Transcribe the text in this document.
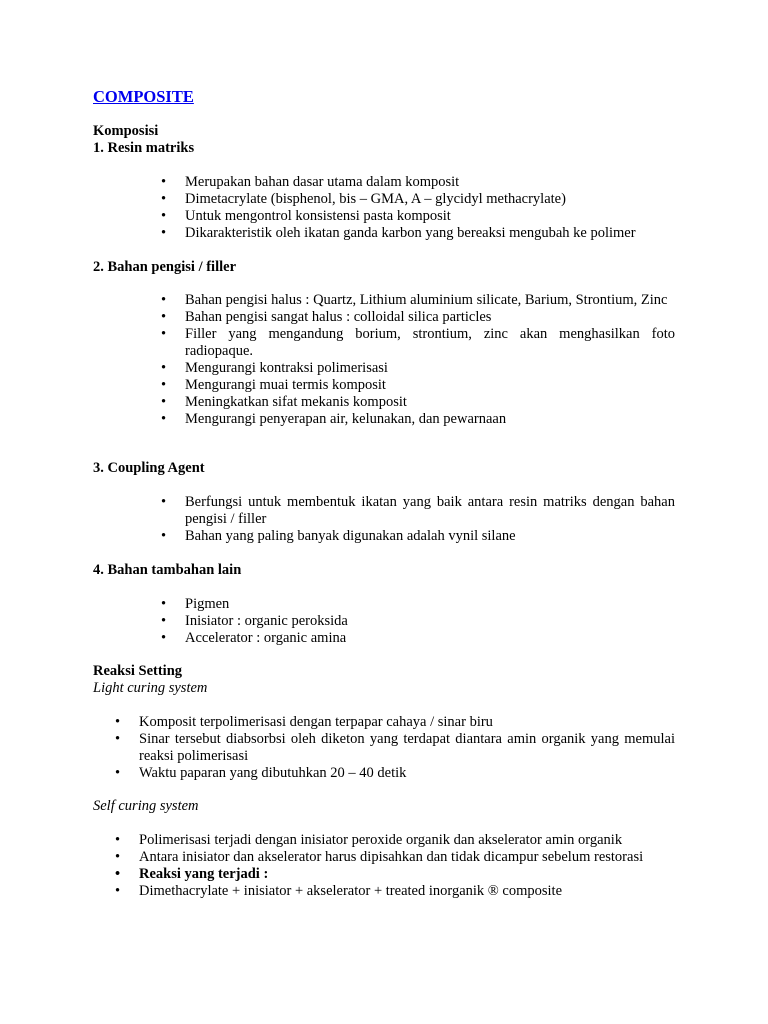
COMPOSITE
Komposisi
1. Resin matriks
• Merupakan bahan dasar utama dalam komposit
• Dimetacrylate (bisphenol, bis – GMA, A – glycidyl methacrylate)
• Untuk mengontrol konsistensi pasta komposit
• Dikarakteristik oleh ikatan ganda karbon yang bereaksi mengubah ke polimer
2. Bahan pengisi / filler
• Bahan pengisi halus : Quartz, Lithium aluminium silicate, Barium, Strontium, Zinc
• Bahan pengisi sangat halus : colloidal silica particles
• Filler yang mengandung borium, strontium, zinc akan menghasilkan foto radiopaque.
• Mengurangi kontraksi polimerisasi
• Mengurangi muai termis komposit
• Meningkatkan sifat mekanis komposit
• Mengurangi penyerapan air, kelunakan, dan pewarnaan
3. Coupling Agent
• Berfungsi untuk membentuk ikatan yang baik antara resin matriks dengan bahan pengisi / filler
• Bahan yang paling banyak digunakan adalah vynil silane
4. Bahan tambahan lain
• Pigmen
• Inisiator : organic peroksida
• Accelerator : organic amina
Reaksi Setting
Light curing system
• Komposit terpolimerisasi dengan terpapar cahaya / sinar biru
• Sinar tersebut diabsorbsi oleh diketon yang terdapat diantara amin organik yang memulai reaksi polimerisasi
• Waktu paparan yang dibutuhkan 20 – 40 detik
Self curing system
• Polimerisasi terjadi dengan inisiator peroxide organik dan akselerator amin organik
• Antara inisiator dan akselerator harus dipisahkan dan tidak dicampur sebelum restorasi
• Reaksi yang terjadi :
• Dimethacrylate + inisiator + akselerator + treated inorganik ® composite
